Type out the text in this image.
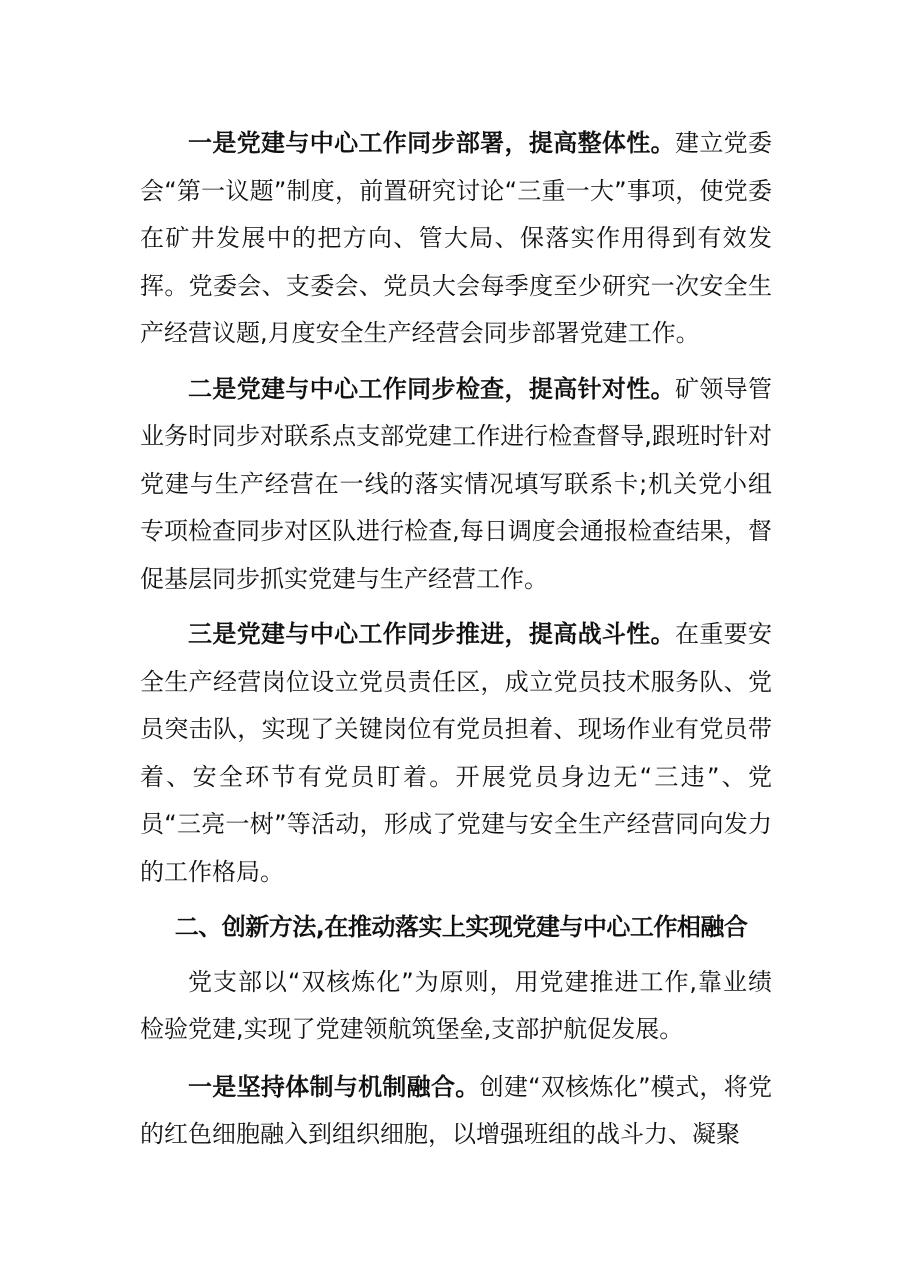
一是党建与中心工作同步部署，提高整体性。建立党委会“第一议题”制度，前置研究讨论“三重一大”事项，使党委在矿井发展中的把方向、管大局、保落实作用得到有效发挥。党委会、支委会、党员大会每季度至少研究一次安全生产经营议题,月度安全生产经营会同步部署党建工作。

二是党建与中心工作同步检查，提高针对性。矿领导管业务时同步对联系点支部党建工作进行检查督导,跟班时针对党建与生产经营在一线的落实情况填写联系卡;机关党小组专项检查同步对区队进行检查,每日调度会通报检查结果，督促基层同步抓实党建与生产经营工作。

三是党建与中心工作同步推进，提高战斗性。在重要安全生产经营岗位设立党员责任区，成立党员技术服务队、党员突击队，实现了关键岗位有党员担着、现场作业有党员带着、安全环节有党员盯着。开展党员身边无“三违”、党员“三亮一树”等活动，形成了党建与安全生产经营同向发力的工作格局。

二、创新方法,在推动落实上实现党建与中心工作相融合

党支部以“双核炼化”为原则，用党建推进工作,靠业绩检验党建,实现了党建领航筑堡垒,支部护航促发展。

一是坚持体制与机制融合。创建“双核炼化”模式，将党的红色细胞融入到组织细胞，以增强班组的战斗力、凝聚
